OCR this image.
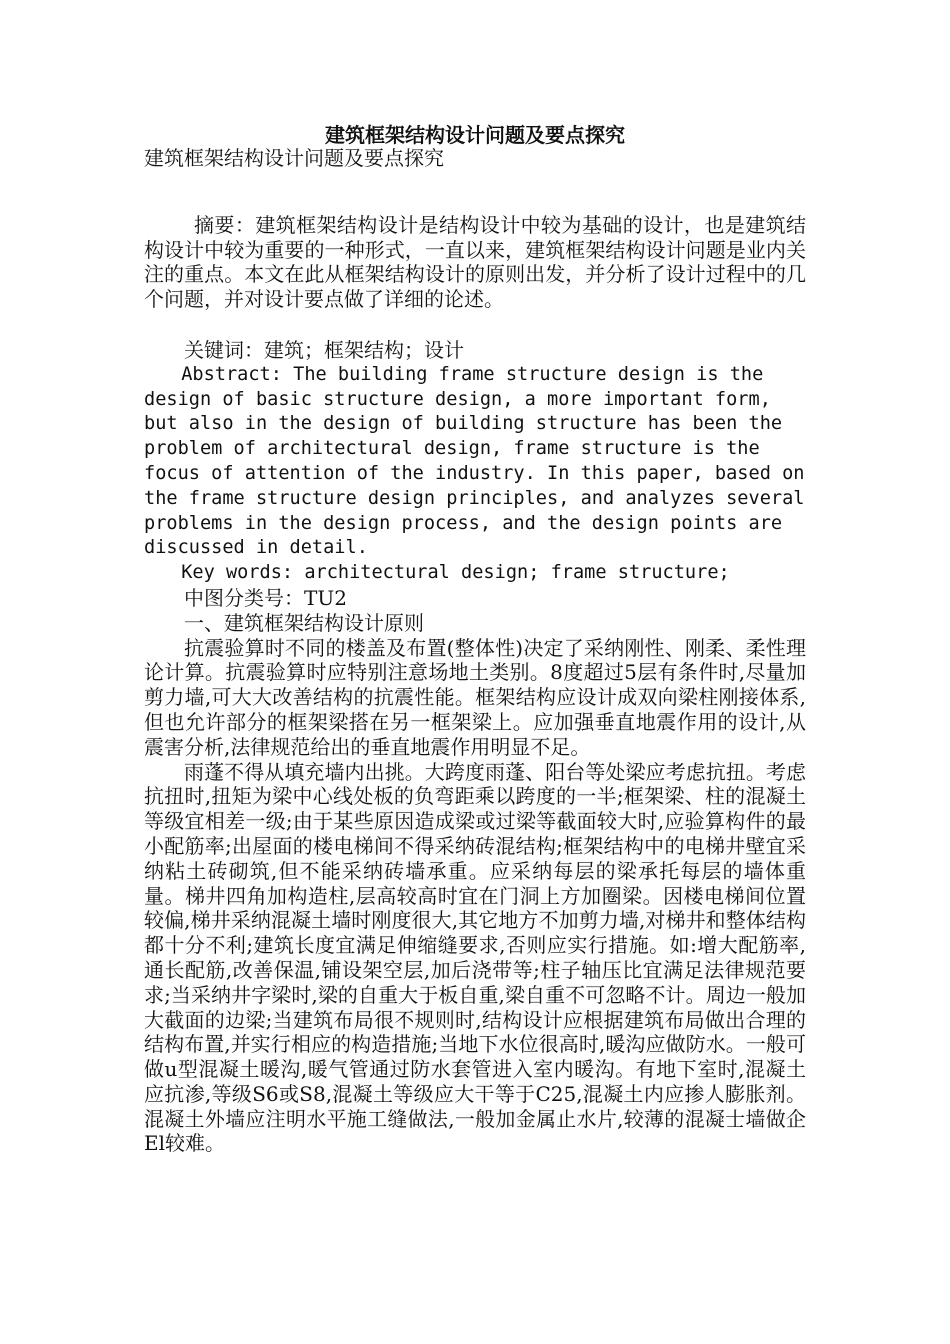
建筑框架结构设计问题及要点探究

建筑框架结构设计问题及要点探究

摘要：建筑框架结构设计是结构设计中较为基础的设计，也是建筑结构设计中较为重要的一种形式，一直以来，建筑框架结构设计问题是业内关注的重点。本文在此从框架结构设计的原则出发，并分析了设计过程中的几个问题，并对设计要点做了详细的论述。

关键词：建筑；框架结构；设计

Abstract: The building frame structure design is the design of basic structure design, a more important form, but also in the design of building structure has been the problem of architectural design, frame structure is the focus of attention of the industry. In this paper, based on the frame structure design principles, and analyzes several problems in the design process, and the design points are discussed in detail.

Key words: architectural design; frame structure;

中图分类号：TU2

一、建筑框架结构设计原则

抗震验算时不同的楼盖及布置(整体性)决定了采纳刚性、刚柔、柔性理论计算。抗震验算时应特别注意场地土类别。8度超过5层有条件时,尽量加剪力墙,可大大改善结构的抗震性能。框架结构应设计成双向梁柱刚接体系,但也允许部分的框架梁搭在另一框架梁上。应加强垂直地震作用的设计,从震害分析,法律规范给出的垂直地震作用明显不足。

雨蓬不得从填充墙内出挑。大跨度雨蓬、阳台等处梁应考虑抗扭。考虑抗扭时,扭矩为梁中心线处板的负弯距乘以跨度的一半;框架梁、柱的混凝土等级宜相差一级;由于某些原因造成梁或过梁等截面较大时,应验算构件的最小配筋率;出屋面的楼电梯间不得采纳砖混结构;框架结构中的电梯井壁宜采纳粘土砖砌筑,但不能采纳砖墙承重。应采纳每层的梁承托每层的墙体重量。梯井四角加构造柱,层高较高时宜在门洞上方加圈梁。因楼电梯间位置较偏,梯井采纳混凝土墙时刚度很大,其它地方不加剪力墙,对梯井和整体结构都十分不利;建筑长度宜满足伸缩缝要求,否则应实行措施。如:增大配筋率,通长配筋,改善保温,铺设架空层,加后浇带等;柱子轴压比宜满足法律规范要求;当采纳井字梁时,梁的自重大于板自重,梁自重不可忽略不计。周边一般加大截面的边梁;当建筑布局很不规则时,结构设计应根据建筑布局做出合理的结构布置,并实行相应的构造措施;当地下水位很高时,暖沟应做防水。一般可做u型混凝土暖沟,暖气管通过防水套管进入室内暖沟。有地下室时,混凝土应抗渗,等级S6或S8,混凝土等级应大干等于C25,混凝土内应掺人膨胀剂。混凝土外墙应注明水平施工缝做法,一般加金属止水片,较薄的混凝士墙做企El较难。
